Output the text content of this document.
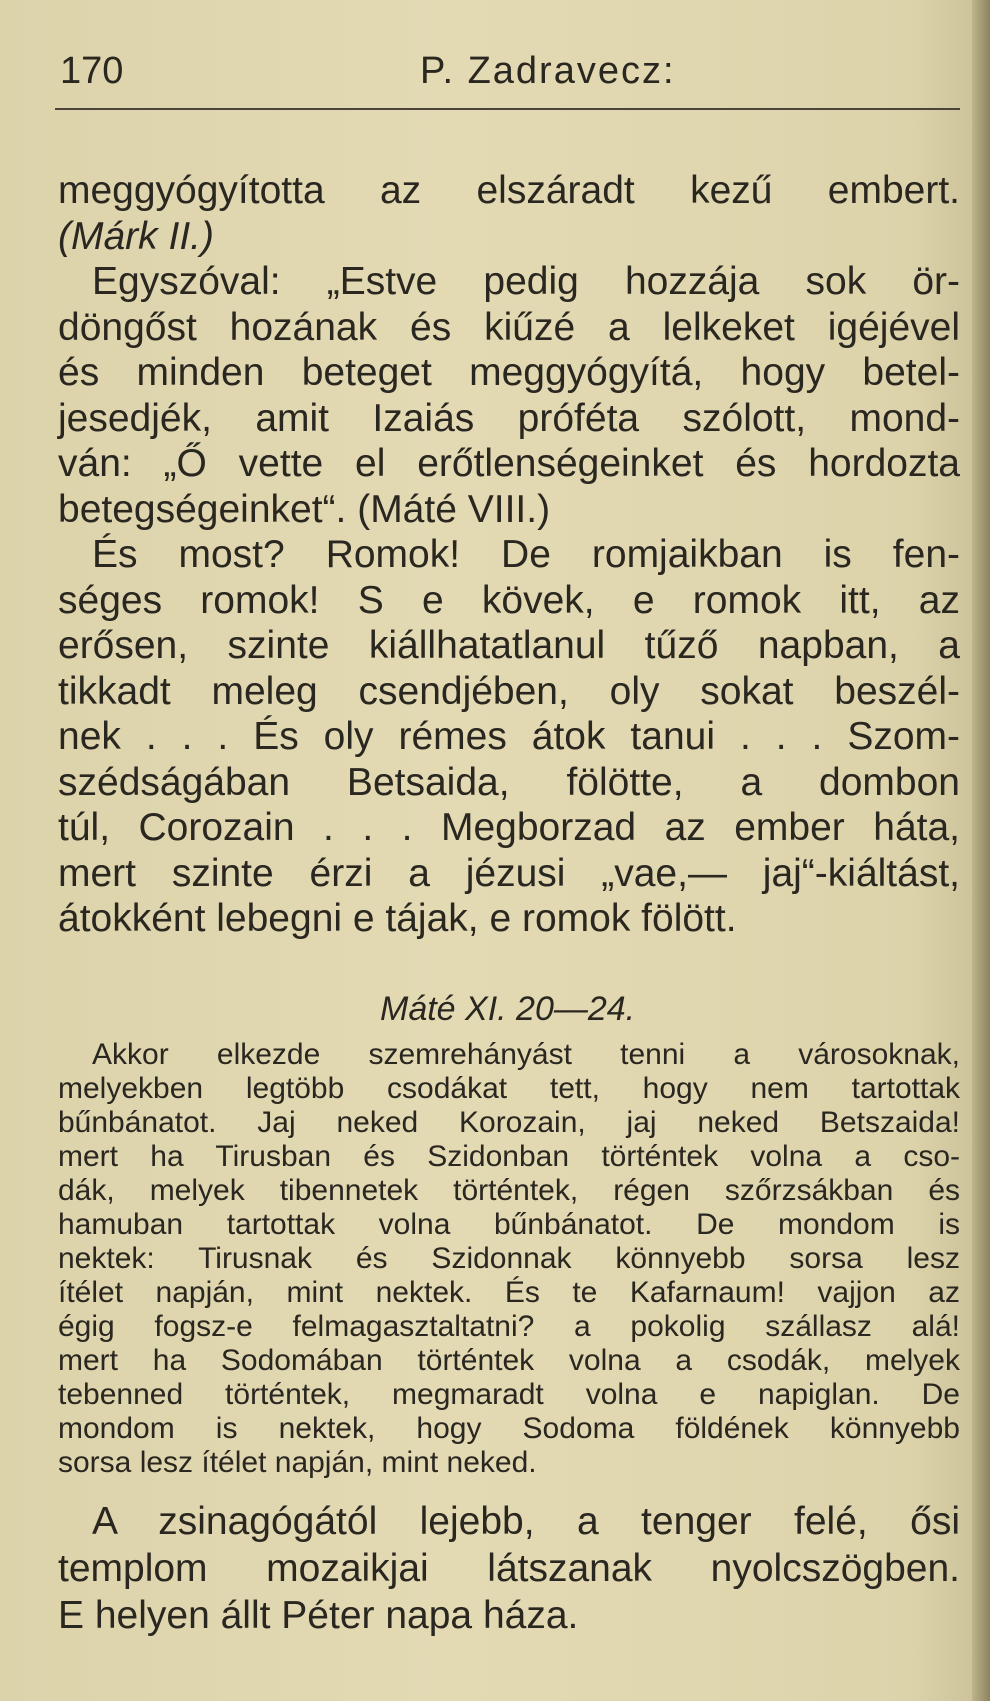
170	P. Zadravecz:
meggyógyította az elszáradt kezű embert.
(Márk II.)
Egyszóval: „Estve pedig hozzája sok ör-
döngőst hozának és kiűzé a lelkeket igéjével
és minden beteget meggyógyítá, hogy betel-
jesedjék, amit Izaiás próféta szólott, mond-
ván: „Ő vette el erőtlenségeinket és hordozta
betegségeinket“. (Máté VIII.)
És most? Romok! De romjaikban is fen-
séges romok! S e kövek, e romok itt, az
erősen, szinte kiállhatatlanul tűző napban, a
tikkadt meleg csendjében, oly sokat beszél-
nek . . . És oly rémes átok tanui . . . Szom-
szédságában Betsaida, fölötte, a dombon
túl, Corozain . . . Megborzad az ember háta,
mert szinte érzi a jézusi „vae,— jaj“-kiáltást,
átokként lebegni e tájak, e romok fölött.
Máté XI. 20—24.
Akkor elkezde szemrehányást tenni a városoknak,
melyekben legtöbb csodákat tett, hogy nem tartottak
bűnbánatot. Jaj neked Korozain, jaj neked Betszaida!
mert ha Tirusban és Szidonban történtek volna a cso-
dák, melyek tibennetek történtek, régen szőrzsákban és
hamuban tartottak volna bűnbánatot. De mondom is
nektek: Tirusnak és Szidonnak könnyebb sorsa lesz
ítélet napján, mint nektek. És te Kafarnaum! vajjon az
égig fogsz-e felmagasztaltatni? a pokolig szállasz alá!
mert ha Sodomában történtek volna a csodák, melyek
tebenned történtek, megmaradt volna e napiglan. De
mondom is nektek, hogy Sodoma földének könnyebb
sorsa lesz ítélet napján, mint neked.
A zsinagógától lejebb, a tenger felé, ősi
templom mozaikjai látszanak nyolcszögben.
E helyen állt Péter napa háza.
